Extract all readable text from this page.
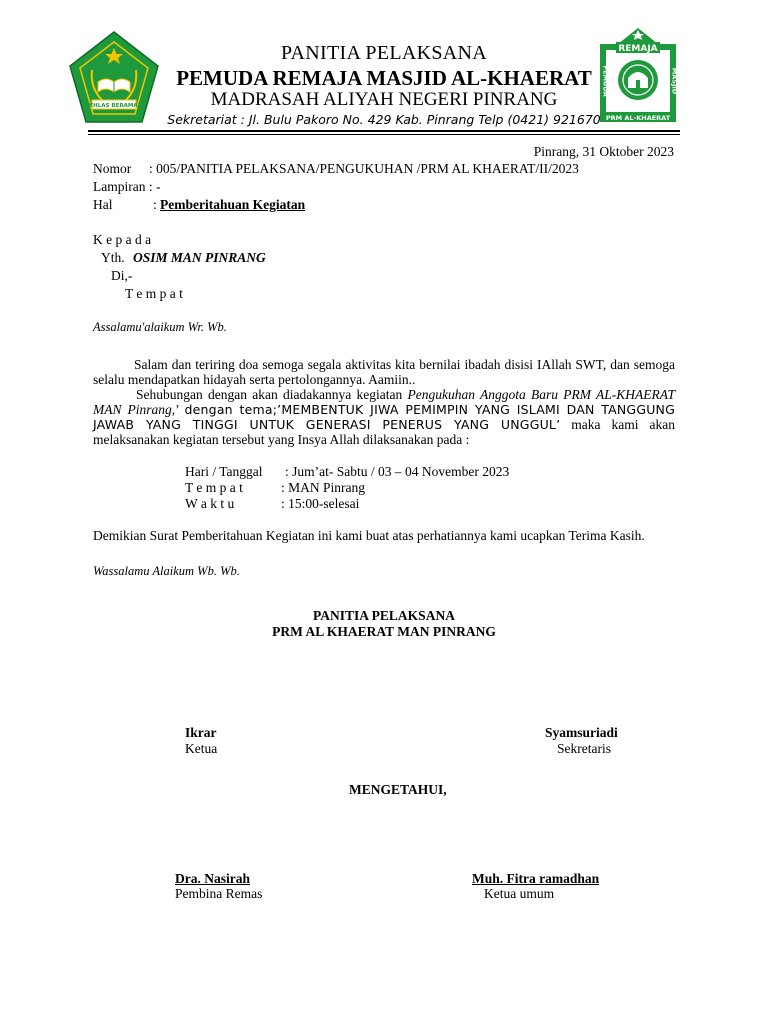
IKHLAS BERAMAL
REMAJA
PEMUDA	MASJID
PRM AL-KHAERAT
PANITIA PELAKSANA
PEMUDA REMAJA MASJID AL-KHAERAT
MADRASAH ALIYAH NEGERI PINRANG
Sekretariat : Jl. Bulu Pakoro No. 429 Kab. Pinrang Telp (0421) 921670
Pinrang, 31 Oktober 2023
Nomor : 005/PANITIA PELAKSANA/PENGUKUHAN /PRM AL KHAERAT/II/2023
Lampiran : -
Hal	: Pemberitahuan Kegiatan
K e p a d a
Yth. OSIM MAN PINRANG
Di,-
T e m p a t
Assalamu'alaikum Wr. Wb.
Salam dan teriring doa semoga segala aktivitas kita bernilai ibadah disisi IAllah SWT, dan semoga selalu mendapatkan hidayah serta pertolongannya. Aamiin..
Sehubungan dengan akan diadakannya kegiatan Pengukuhan Anggota Baru PRM AL-KHAERAT MAN Pinrang,’ dengan tema;’MEMBENTUK JIWA PEMIMPIN YANG ISLAMI DAN TANGGUNG JAWAB YANG TINGGI UNTUK GENERASI PENERUS YANG UNGGUL’ maka kami akan melaksanakan kegiatan tersebut yang Insya Allah dilaksanakan pada :
Hari / Tanggal : Jum’at- Sabtu / 03 – 04 November 2023
T e m p a t	: MAN Pinrang
W a k t u	: 15:00-selesai
Demikian Surat Pemberitahuan Kegiatan ini kami buat atas perhatiannya kami ucapkan Terima Kasih.
Wassalamu Alaikum Wb. Wb.
PANITIA PELAKSANA
PRM AL KHAERAT MAN PINRANG
Ikrar
Ketua
Syamsuriadi
Sekretaris
MENGETAHUI,
Dra. Nasirah
Pembina Remas
Muh. Fitra ramadhan
Ketua umum
